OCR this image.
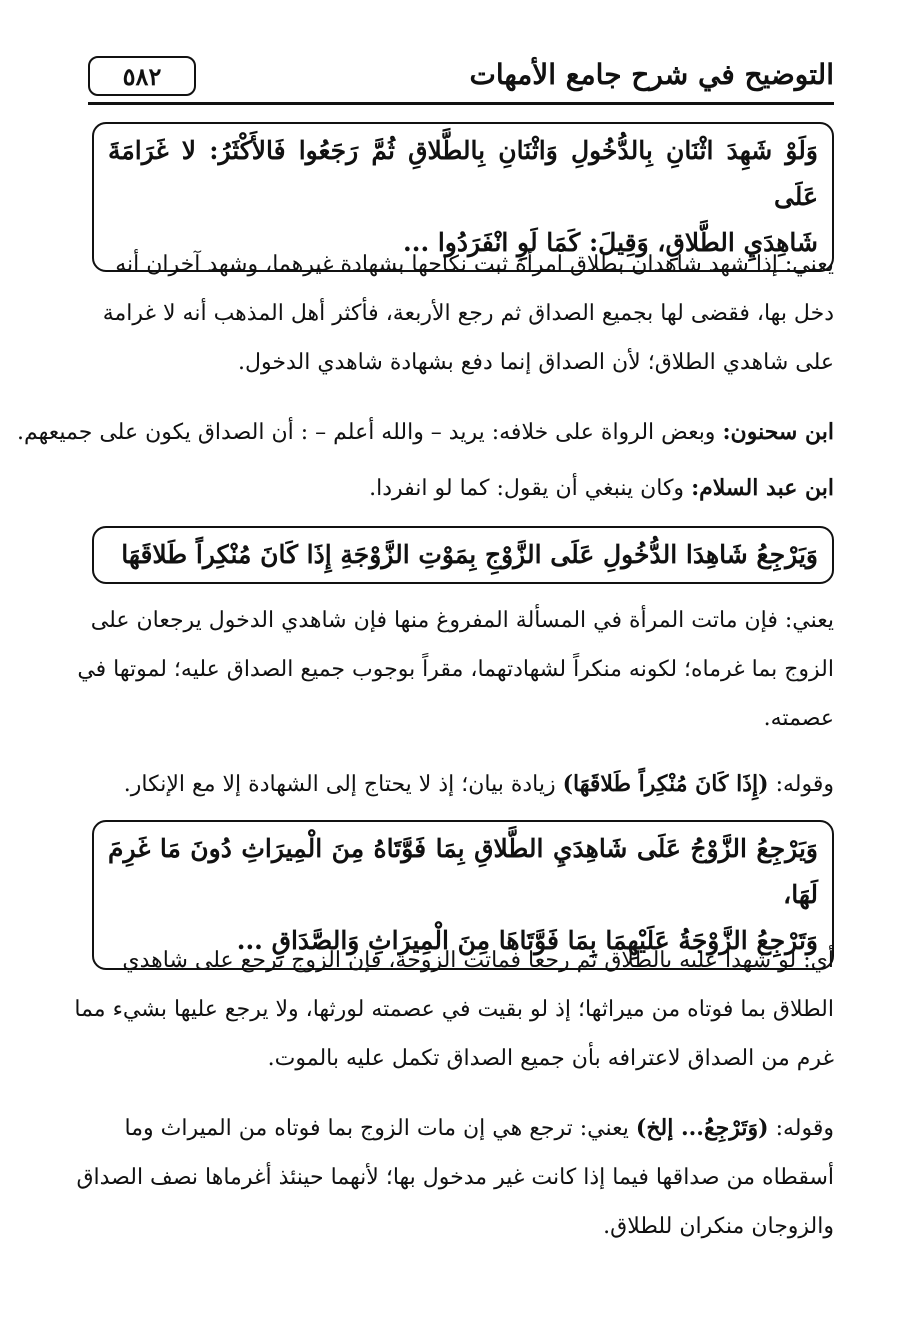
٥٨٢	التوضيح في شرح جامع الأمهات
وَلَوْ شَهِدَ اثْنَانِ بِالدُّخُولِ وَاثْنَانِ بِالطَّلاقِ ثُمَّ رَجَعُوا فَالأَكْثَرُ: لا غَرَامَةَ عَلَى
شَاهِدَيِ الطَّلاقِ، وَقِيلَ: كَمَا لَوِ انْفَرَدُوا ...
يعني: إذا شهد شاهدان بطلاق امرأة ثبت نكاحها بشهادة غيرهما، وشهد آخران أنه
دخل بها، فقضى لها بجميع الصداق ثم رجع الأربعة، فأكثر أهل المذهب أنه لا غرامة
على شاهدي الطلاق؛ لأن الصداق إنما دفع بشهادة شاهدي الدخول.
ابن سحنون: وبعض الرواة على خلافه: يريد – والله أعلم – : أن الصداق يكون على جميعهم.
ابن عبد السلام: وكان ينبغي أن يقول: كما لو انفردا.
وَيَرْجِعُ شَاهِدَا الدُّخُولِ عَلَى الزَّوْجِ بِمَوْتِ الزَّوْجَةِ إِذَا كَانَ مُنْكِراً طَلاقَهَا
يعني: فإن ماتت المرأة في المسألة المفروغ منها فإن شاهدي الدخول يرجعان على
الزوج بما غرماه؛ لكونه منكراً لشهادتهما، مقراً بوجوب جميع الصداق عليه؛ لموتها في
عصمته.
وقوله: (إِذَا كَانَ مُنْكِراً طَلاقَهَا) زيادة بيان؛ إذ لا يحتاج إلى الشهادة إلا مع الإنكار.
وَيَرْجِعُ الزَّوْجُ عَلَى شَاهِدَيِ الطَّلاقِ بِمَا فَوَّتَاهُ مِنَ الْمِيرَاثِ دُونَ مَا غَرِمَ لَهَا،
وَتَرْجِعُ الزَّوْجَةُ عَلَيْهِمَا بِمَا فَوَّتَاهَا مِنَ الْمِيرَاثِ وَالصَّدَاقِ ...
أي: لو شهدا عليه بالطلاق ثم رجعا فماتت الزوجة، فإن الزوج يرجع على شاهدي
الطلاق بما فوتاه من ميراثها؛ إذ لو بقيت في عصمته لورثها، ولا يرجع عليها بشيء مما
غرم من الصداق لاعترافه بأن جميع الصداق تكمل عليه بالموت.
وقوله: (وَتَرْجِعُ... إلخ) يعني: ترجع هي إن مات الزوج بما فوتاه من الميراث وما
أسقطاه من صداقها فيما إذا كانت غير مدخول بها؛ لأنهما حينئذ أغرماها نصف الصداق
والزوجان منكران للطلاق.
